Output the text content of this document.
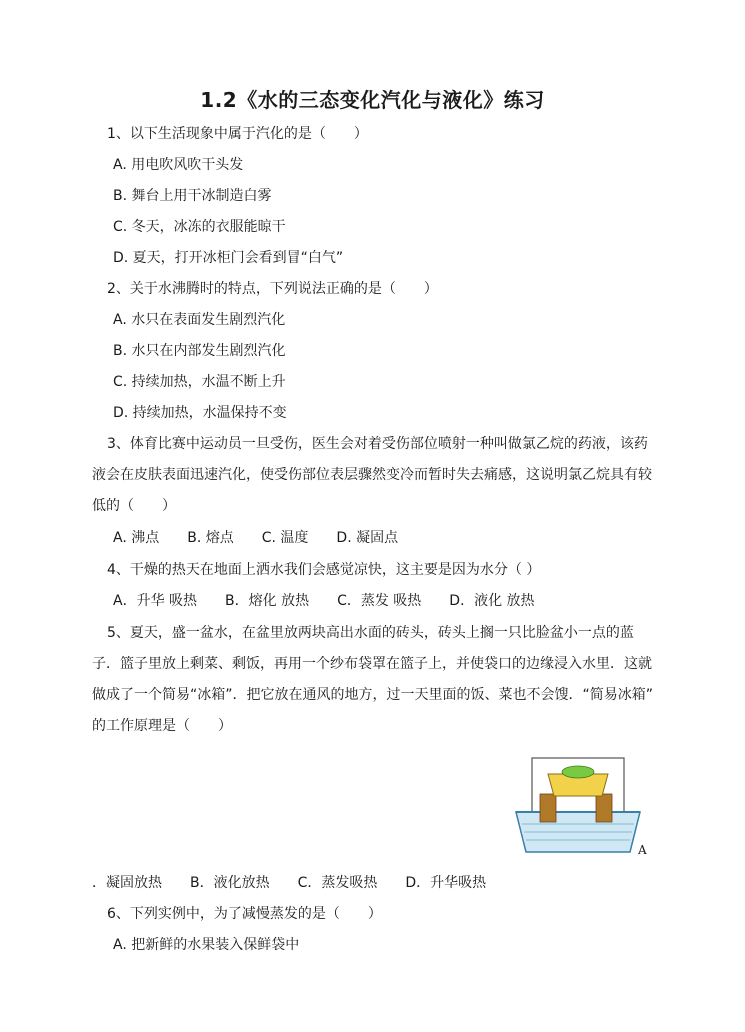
1.2《水的三态变化汽化与液化》练习
1、以下生活现象中属于汽化的是（　　）
A. 用电吹风吹干头发
B. 舞台上用干冰制造白雾
C. 冬天，冰冻的衣服能晾干
D. 夏天，打开冰柜门会看到冒“白气”
2、关于水沸腾时的特点，下列说法正确的是（　　）
A. 水只在表面发生剧烈汽化
B. 水只在内部发生剧烈汽化
C. 持续加热，水温不断上升
D. 持续加热，水温保持不变
3、体育比赛中运动员一旦受伤，医生会对着受伤部位喷射一种叫做氯乙烷的药液，该药
液会在皮肤表面迅速汽化，使受伤部位表层骤然变冷而暂时失去痛感，这说明氯乙烷具有较
低的（　　）
A. 沸点　　B. 熔点　　C. 温度　　D. 凝固点
4、干燥的热天在地面上洒水我们会感觉凉快，这主要是因为水分（ ）
A．升华 吸热　　B．熔化 放热　　C．蒸发 吸热　　D．液化 放热
5、夏天，盛一盆水，在盆里放两块高出水面的砖头，砖头上搁一只比脸盆小一点的蓝
子．篮子里放上剩菜、剩饭，再用一个纱布袋罩在篮子上，并使袋口的边缘浸入水里．这就
做成了一个简易“冰箱”．把它放在通风的地方，过一天里面的饭、菜也不会馊．“简易冰箱”
的工作原理是（　　）
A
．凝固放热　　B．液化放热　　C．蒸发吸热　　D．升华吸热
6、下列实例中，为了减慢蒸发的是（　　）
A. 把新鲜的水果装入保鲜袋中
